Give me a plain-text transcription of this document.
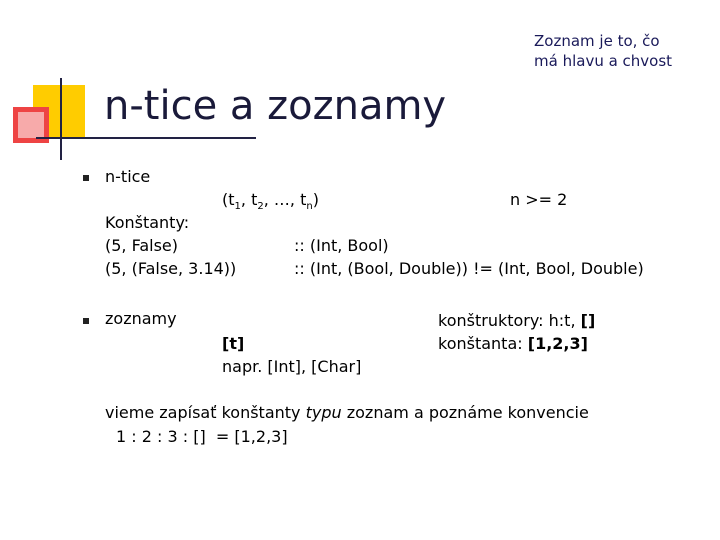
Zoznam je to, čo
má hlavu a chvost
n-tice a zoznamy
n-tice
($t_1$, $t_2$, …, $t_n$)	n >= 2
Konštanty:
(5, False)	:: (Int, Bool)
(5, (False, 3.14))	:: (Int, (Bool, Double)) != (Int, Bool, Double)
zoznamy
[t]
napr. [Int], [Char]
konštruktory: h:t, []
konštanta: [1,2,3]
vieme zapísať konštanty typu zoznam a poznáme konvencie
1 : 2 : 3 : []  = [1,2,3]
